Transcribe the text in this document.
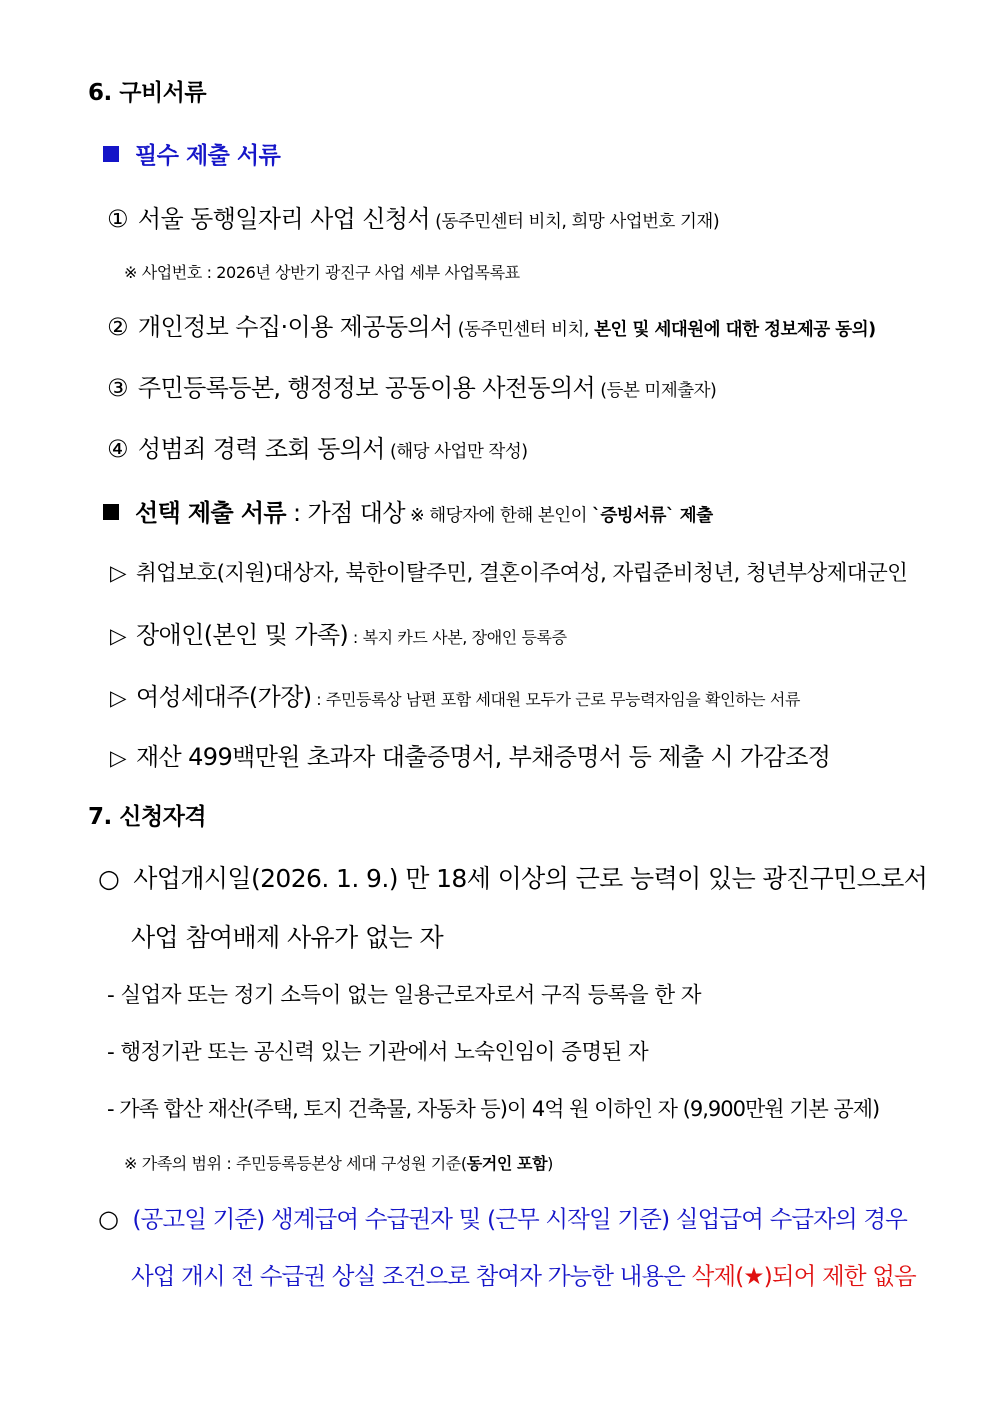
6. 구비서류
필수 제출 서류
① 서울 동행일자리 사업 신청서 (동주민센터 비치, 희망 사업번호 기재)
※ 사업번호 : 2026년 상반기 광진구 사업 세부 사업목록표
② 개인정보 수집·이용 제공동의서 (동주민센터 비치, 본인 및 세대원에 대한 정보제공 동의)
③ 주민등록등본, 행정정보 공동이용 사전동의서 (등본 미제출자)
④ 성범죄 경력 조회 동의서 (해당 사업만 작성)
선택 제출 서류 : 가점 대상 ※ 해당자에 한해 본인이 `증빙서류` 제출
▷ 취업보호(지원)대상자, 북한이탈주민, 결혼이주여성, 자립준비청년, 청년부상제대군인
▷ 장애인(본인 및 가족) : 복지 카드 사본, 장애인 등록증
▷ 여성세대주(가장) : 주민등록상 남편 포함 세대원 모두가 근로 무능력자임을 확인하는 서류
▷ 재산 499백만원 초과자 대출증명서, 부채증명서 등 제출 시 가감조정
7. 신청자격
○ 사업개시일(2026. 1. 9.) 만 18세 이상의 근로 능력이 있는 광진구민으로서
사업 참여배제 사유가 없는 자
- 실업자 또는 정기 소득이 없는 일용근로자로서 구직 등록을 한 자
- 행정기관 또는 공신력 있는 기관에서 노숙인임이 증명된 자
- 가족 합산 재산(주택, 토지 건축물, 자동차 등)이 4억 원 이하인 자 (9,900만원 기본 공제)
※ 가족의 범위 : 주민등록등본상 세대 구성원 기준(동거인 포함)
○ (공고일 기준) 생계급여 수급권자 및 (근무 시작일 기준) 실업급여 수급자의 경우
사업 개시 전 수급권 상실 조건으로 참여자 가능한 내용은 삭제(★)되어 제한 없음
